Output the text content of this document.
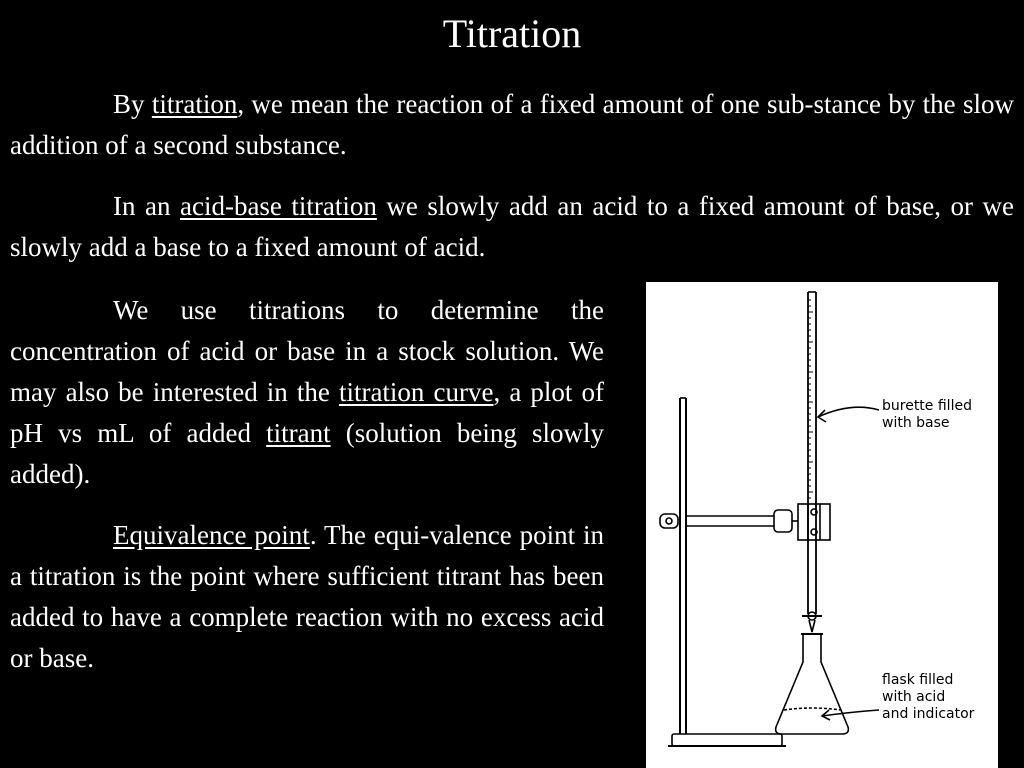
Titration

By titration, we mean the reaction of a fixed amount of one sub-stance by the slow addition of a second substance.

In an acid-base titration we slowly add an acid to a fixed amount of base, or we slowly add a base to a fixed amount of acid.

We use titrations to determine the concentration of acid or base in a stock solution. We may also be interested in the titration curve, a plot of pH vs mL of added titrant (solution being slowly added).

Equivalence point. The equi-valence point in a titration is the point where sufficient titrant has been added to have a complete reaction with no excess acid or base.

burette filled
with base
flask filled
with acid
and indicator
